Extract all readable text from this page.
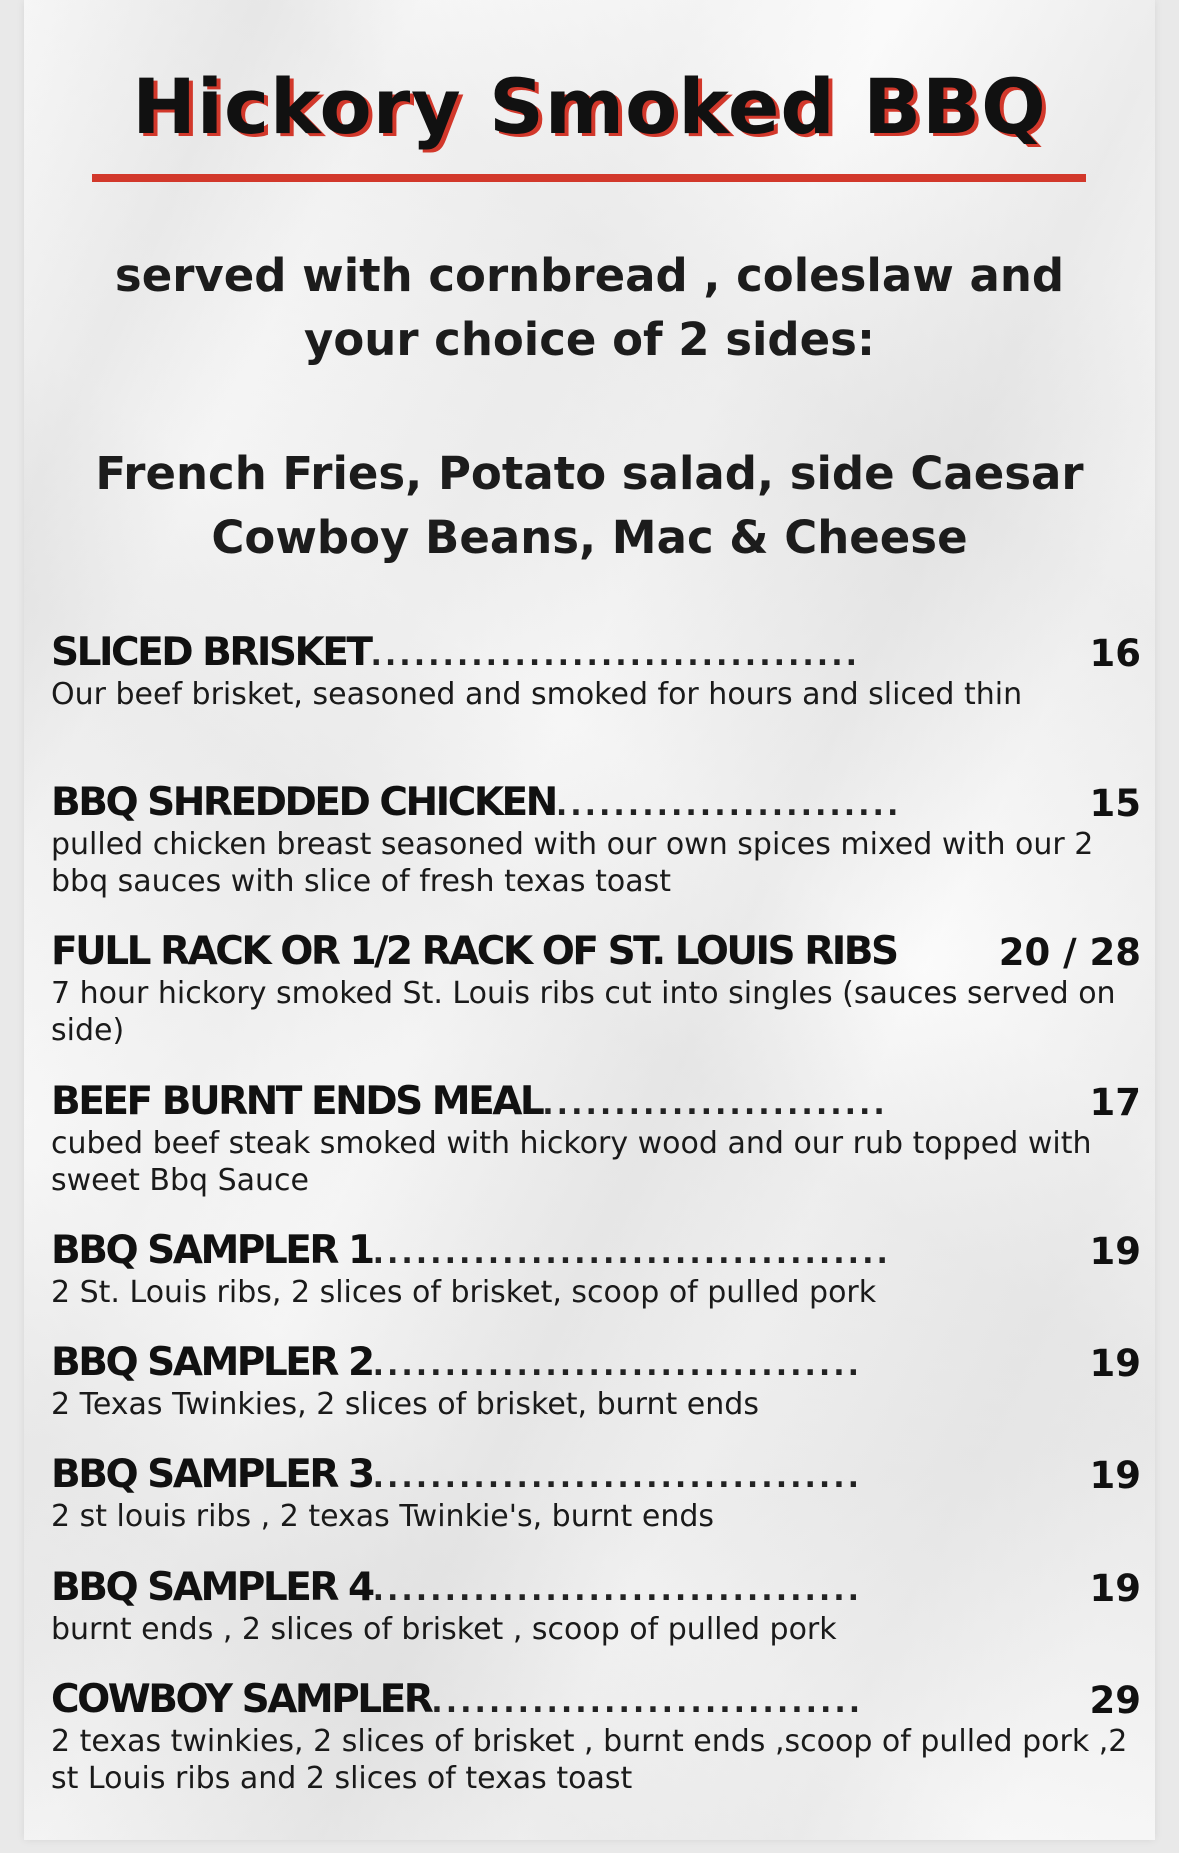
Hickory Smoked BBQ

served with cornbread , coleslaw and
your choice of 2 sides:

French Fries, Potato salad, side Caesar
Cowboy Beans, Mac & Cheese

SLICED BRISKET..................................	16

Our beef brisket, seasoned and smoked for hours and sliced thin

BBQ SHREDDED CHICKEN........................	15

pulled chicken breast seasoned with our own spices mixed with our 2 bbq sauces with slice of fresh texas toast

FULL RACK OR 1/2 RACK OF ST. LOUIS RIBS	20 / 28

7 hour hickory smoked St. Louis ribs cut into singles (sauces served on side)

BEEF BURNT ENDS MEAL........................	17

cubed beef steak smoked with hickory wood and our rub topped with sweet Bbq Sauce

BBQ SAMPLER 1....................................	19

2 St. Louis ribs, 2 slices of brisket, scoop of pulled pork

BBQ SAMPLER 2..................................	19

2 Texas Twinkies, 2 slices of brisket, burnt ends

BBQ SAMPLER 3..................................	19

2 st louis ribs , 2 texas Twinkie's, burnt ends

BBQ SAMPLER 4..................................	19

burnt ends , 2 slices of brisket , scoop of pulled pork

COWBOY SAMPLER..............................	29

2 texas twinkies, 2 slices of brisket , burnt ends ,scoop of pulled pork ,2 st Louis ribs and 2 slices of texas toast
